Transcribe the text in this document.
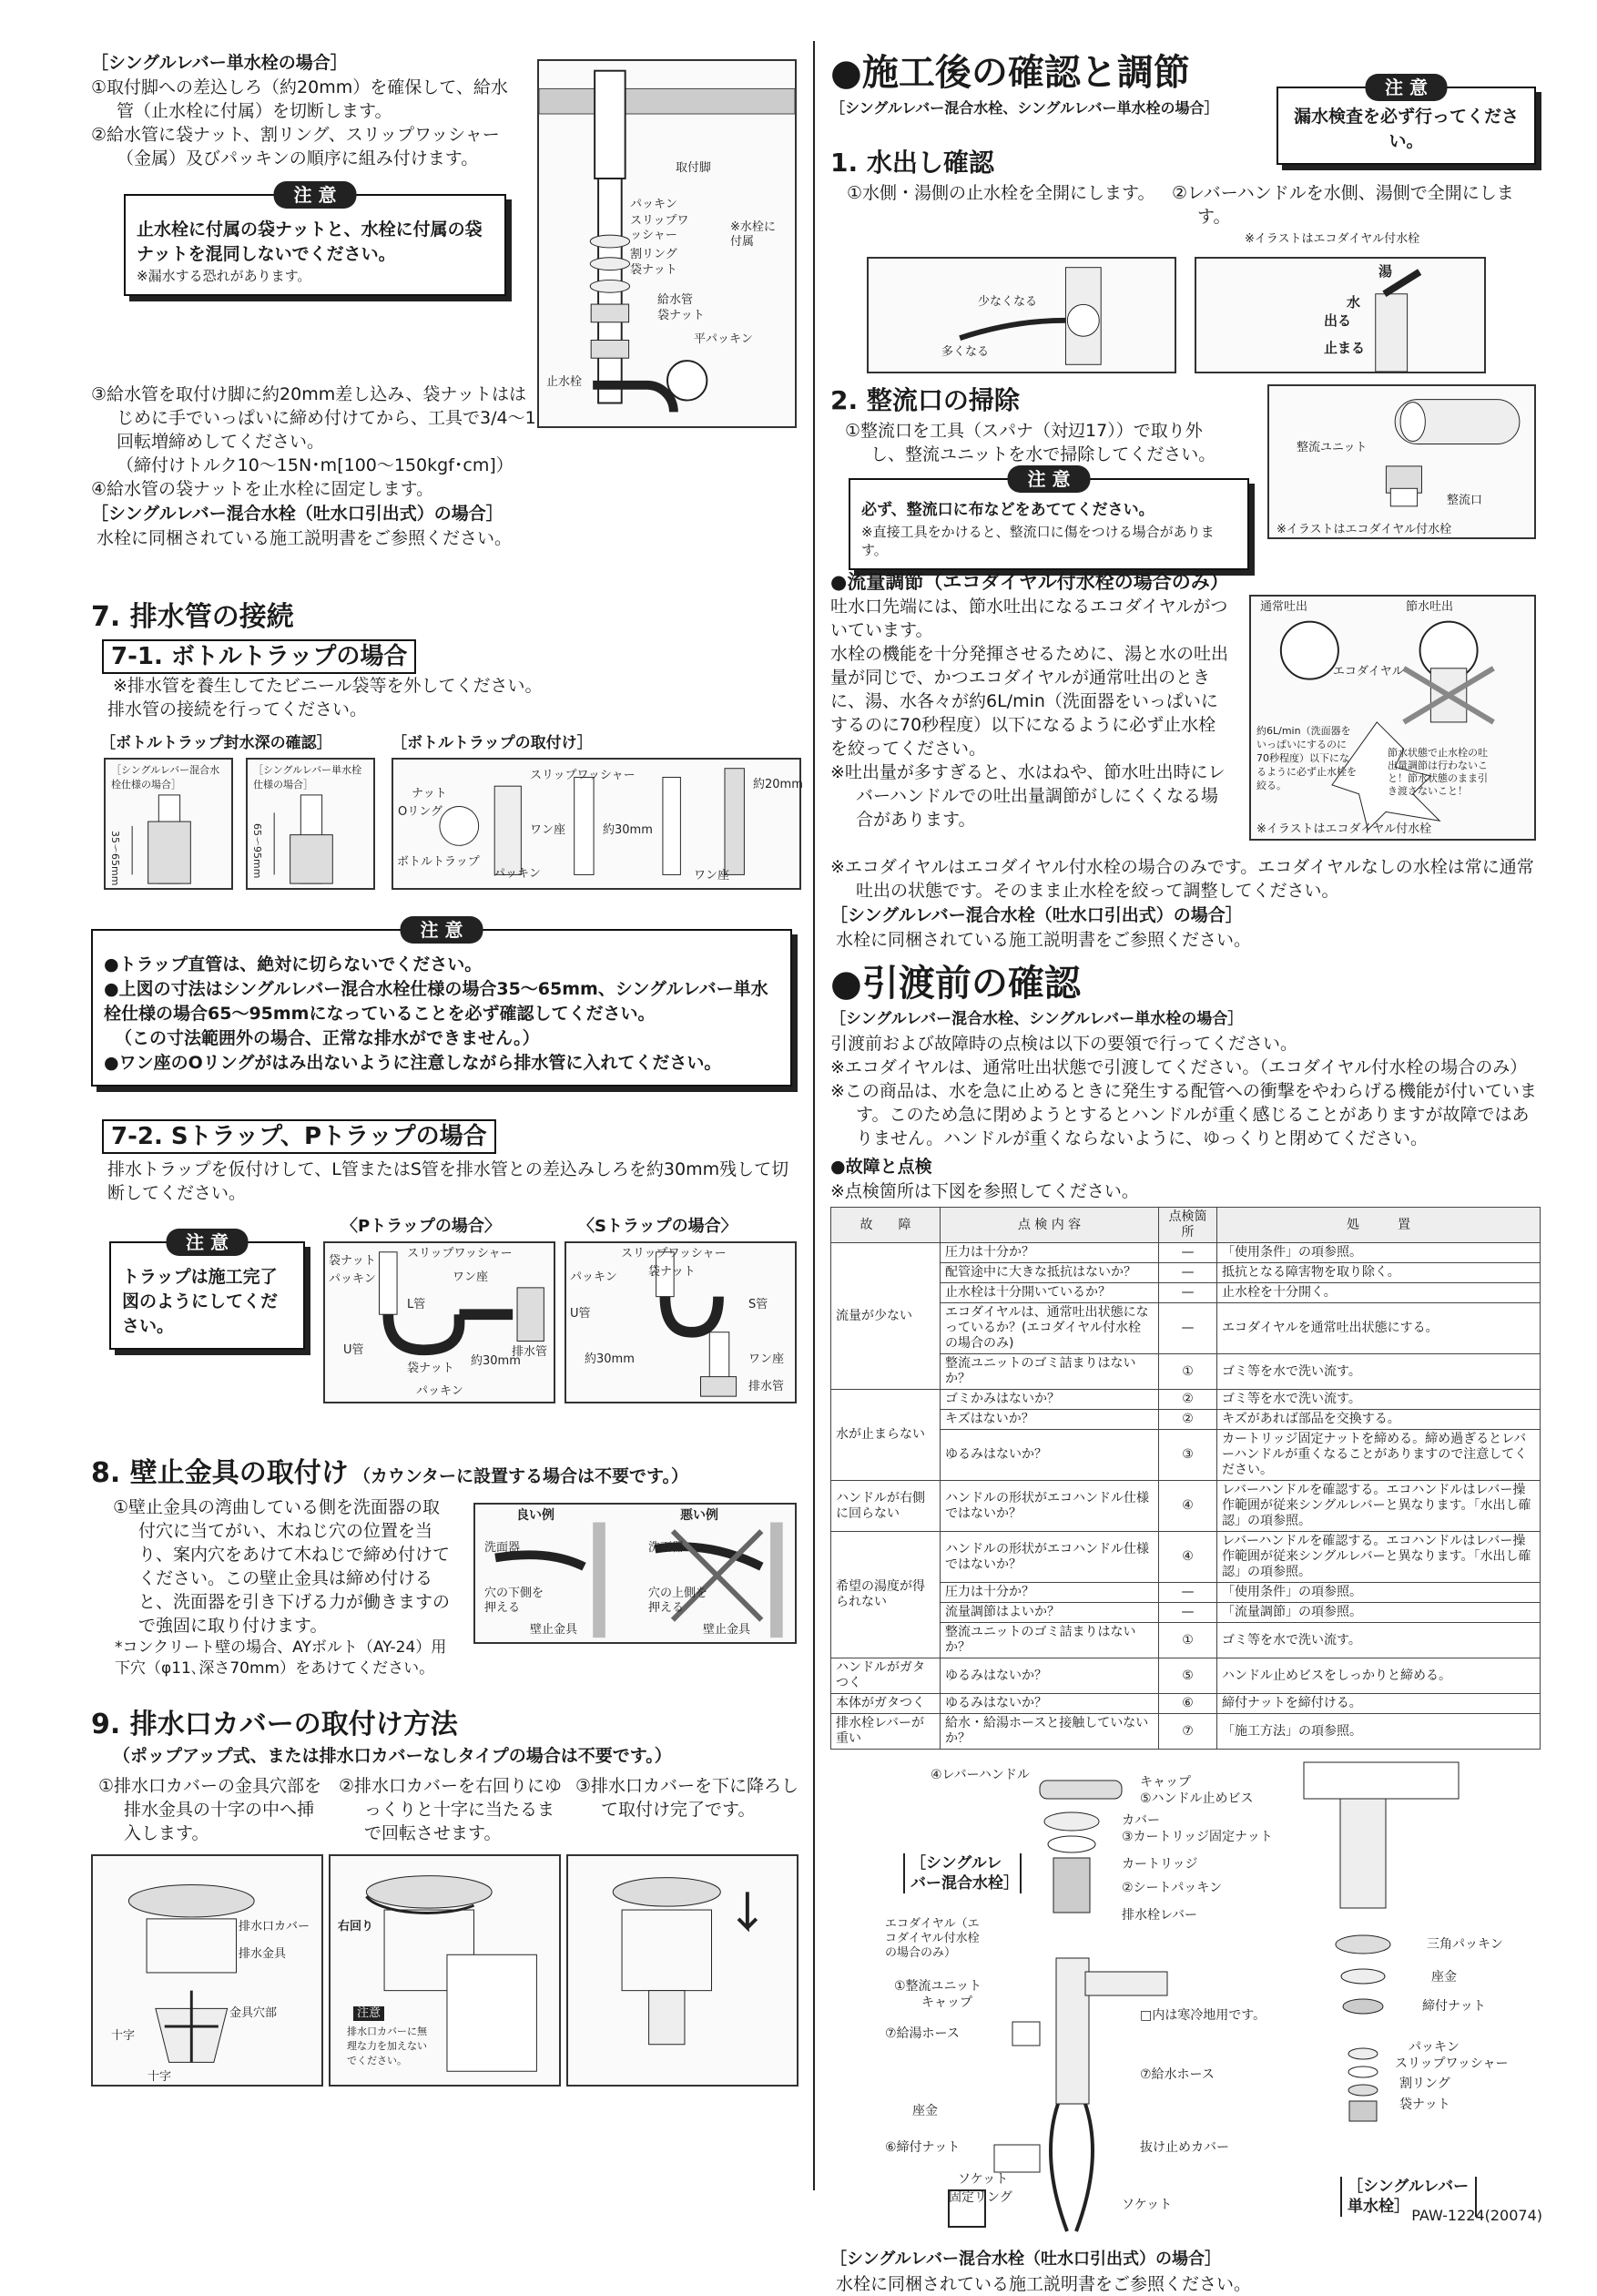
［シングルレバー単水栓の場合］
①取付脚への差込しろ（約20mm）を確保して、給水管（止水栓に付属）を切断します。
②給水管に袋ナット、割リング、スリップワッシャー（金属）及びパッキンの順序に組み付けます。
注 意
止水栓に付属の袋ナットと、水栓に付属の袋ナットを混同しないでください。
※漏水する恐れがあります。
取付脚
パッキン
スリップワッシャー
割リング
袋ナット
※水栓に付属
給水管
袋ナット
平パッキン
止水栓
③給水管を取付け脚に約20mm差し込み、袋ナットははじめに手でいっぱいに締め付けてから、工具で3/4〜1回転増締めしてください。
（締付けトルク10〜15N･m[100〜150kgf･cm]）
④給水管の袋ナットを止水栓に固定します。
［シングルレバー混合水栓（吐水口引出式）の場合］
水栓に同梱されている施工説明書をご参照ください。
7. 排水管の接続
7-1. ボトルトラップの場合
※排水管を養生してたビニール袋等を外してください。
排水管の接続を行ってください。
［ボトルトラップ封水深の確認］	［ボトルトラップの取付け］
［シングルレバー混合水栓仕様の場合］
35〜65mm
［シングルレバー単水栓仕様の場合］
65〜95mm
ナット
Oリング
ボトルトラップ
スリップワッシャー
ワン座
パッキン
約30mm
約20mm
ワン座
注 意
●トラップ直管は、絶対に切らないでください。
●上図の寸法はシングルレバー混合水栓仕様の場合35〜65mm、シングルレバー単水栓仕様の場合65〜95mmになっていることを必ず確認してください。
（この寸法範囲外の場合、正常な排水ができません。）
●ワン座のOリングがはみ出ないように注意しながら排水管に入れてください。
7-2. Sトラップ、Pトラップの場合
排水トラップを仮付けして、L管またはS管を排水管との差込みしろを約30mm残して切断してください。
注 意
トラップは施工完了図のようにしてください。
〈Pトラップの場合〉	〈Sトラップの場合〉
袋ナット
パッキン
スリップワッシャー
ワン座
L管
排水管
U管
袋ナット
約30mm
パッキン
スリップワッシャー
袋ナット
パッキン
U管
S管
約30mm	ワン座
排水管
8. 壁止金具の取付け （カウンターに設置する場合は不要です。）
①壁止金具の湾曲している側を洗面器の取付穴に当てがい、木ねじ穴の位置を当り、案内穴をあけて木ねじで締め付けてください。この壁止金具は締め付けると、洗面器を引き下げる力が働きますので強固に取り付けます。
*コンクリート壁の場合、AYボルト（AY-24）用下穴（φ11､深さ70mm）をあけてください。
良い例	悪い例
洗面器
穴の下側を押える
壁止金具
洗面器
穴の上側を押える
壁止金具
9. 排水口カバーの取付け方法
（ポップアップ式、または排水口カバーなしタイプの場合は不要です。）
①排水口カバーの金具穴部を排水金具の十字の中へ挿入します。
②排水口カバーを右回りにゆっくりと十字に当たるまで回転させます。
③排水口カバーを下に降ろして取付け完了です。
排水口カバー
排水金具
金具穴部
十字
十字
右回り
注意
排水口カバーに無理な力を加えないでください。
●施工後の確認と調節
［シングルレバー混合水栓、シングルレバー単水栓の場合］
注 意
漏水検査を必ず行ってください。
1. 水出し確認
①水側・湯側の止水栓を全開にします。 ②レバーハンドルを水側、湯側で全開にします。
※イラストはエコダイヤル付水栓
少なくなる
多くなる
湯
水
出る
止まる
2. 整流口の掃除
①整流口を工具（スパナ（対辺17））で取り外し、整流ユニットを水で掃除してください。
注 意
必ず、整流口に布などをあててください。
※直接工具をかけると、整流口に傷をつける場合があります。
整流ユニット
整流口
※イラストはエコダイヤル付水栓
●流量調節（エコダイヤル付水栓の場合のみ）
吐水口先端には、節水吐出になるエコダイヤルがついています。
水栓の機能を十分発揮させるために、湯と水の吐出量が同じで、かつエコダイヤルが通常吐出のときに、湯、水各々が約6L/min（洗面器をいっぱいにするのに70秒程度）以下になるように必ず止水栓を絞ってください。
※吐出量が多すぎると、水はねや、節水吐出時にレバーハンドルでの吐出量調節がしにくくなる場合があります。
通常吐出	節水吐出
エコダイヤル
約6L/min（洗面器をいっぱいにするのに70秒程度）以下になるように必ず止水栓を絞る。
節水状態で止水栓の吐出量調節は行わないこと！節水状態のまま引き渡さないこと！
※イラストはエコダイヤル付水栓
※エコダイヤルはエコダイヤル付水栓の場合のみです。エコダイヤルなしの水栓は常に通常吐出の状態です。そのまま止水栓を絞って調整してください。
［シングルレバー混合水栓（吐水口引出式）の場合］
水栓に同梱されている施工説明書をご参照ください。
●引渡前の確認
［シングルレバー混合水栓、シングルレバー単水栓の場合］
引渡前および故障時の点検は以下の要領で行ってください。
※エコダイヤルは、通常吐出状態で引渡してください。（エコダイヤル付水栓の場合のみ）
※この商品は、水を急に止めるときに発生する配管への衝撃をやわらげる機能が付いています。このため急に閉めようとするとハンドルが重く感じることがありますが故障ではありません。ハンドルが重くならないように、ゆっくりと閉めてください。
●故障と点検
※点検箇所は下図を参照してください。
故　　障	点 検 内 容	点検箇所	処　　　置
流量が少ない	圧力は十分か？	—	「使用条件」の項参照。
	配管途中に大きな抵抗はないか？	—	抵抗となる障害物を取り除く。
	止水栓は十分開いているか？	—	止水栓を十分開く。
	エコダイヤルは、通常吐出状態になっているか？(エコダイヤル付水栓の場合のみ)	—	エコダイヤルを通常吐出状態にする。
	整流ユニットのゴミ詰まりはないか？	①	ゴミ等を水で洗い流す。
水が止まらない	ゴミかみはないか？	②	ゴミ等を水で洗い流す。
	キズはないか？	②	キズがあれば部品を交換する。
	ゆるみはないか？	③	カートリッジ固定ナットを締める。締め過ぎるとレバーハンドルが重くなることがありますので注意してください。
ハンドルが右側に回らない	ハンドルの形状がエコハンドル仕様ではないか？	④	レバーハンドルを確認する。エコハンドルはレバー操作範囲が従来シングルレバーと異なります。「水出し確認」の項参照。
希望の湯度が得られない	ハンドルの形状がエコハンドル仕様ではないか？	④	レバーハンドルを確認する。エコハンドルはレバー操作範囲が従来シングルレバーと異なります。「水出し確認」の項参照。
	圧力は十分か？	—	「使用条件」の項参照。
	流量調節はよいか？	—	「流量調節」の項参照。
	整流ユニットのゴミ詰まりはないか？	①	ゴミ等を水で洗い流す。
ハンドルがガタつく	ゆるみはないか？	⑤	ハンドル止めビスをしっかりと締める。
本体がガタつく	ゆるみはないか？	⑥	締付ナットを締付ける。
排水栓レバーが重い	給水・給湯ホースと接触していないか？	⑦	「施工方法」の項参照。
④レバーハンドル	キャップ
⑤ハンドル止めビス
カバー
③カートリッジ固定ナット
カートリッジ
②シートパッキン
排水栓レバー
エコダイヤル（エコダイヤル付水栓の場合のみ）
①整流ユニット
キャップ
⑦給湯ホース
⑦給水ホース
座金
⑥締付ナット	抜け止めカバー
ソケット
固定リング	ソケット
□内は寒冷地用です。
［シングルレバー混合水栓］
［シングルレバー単水栓］
三角パッキン
座金
締付ナット
パッキン
スリップワッシャー
割リング
袋ナット
［シングルレバー混合水栓（吐水口引出式）の場合］
水栓に同梱されている施工説明書をご参照ください。
PAW-1224(20074)
